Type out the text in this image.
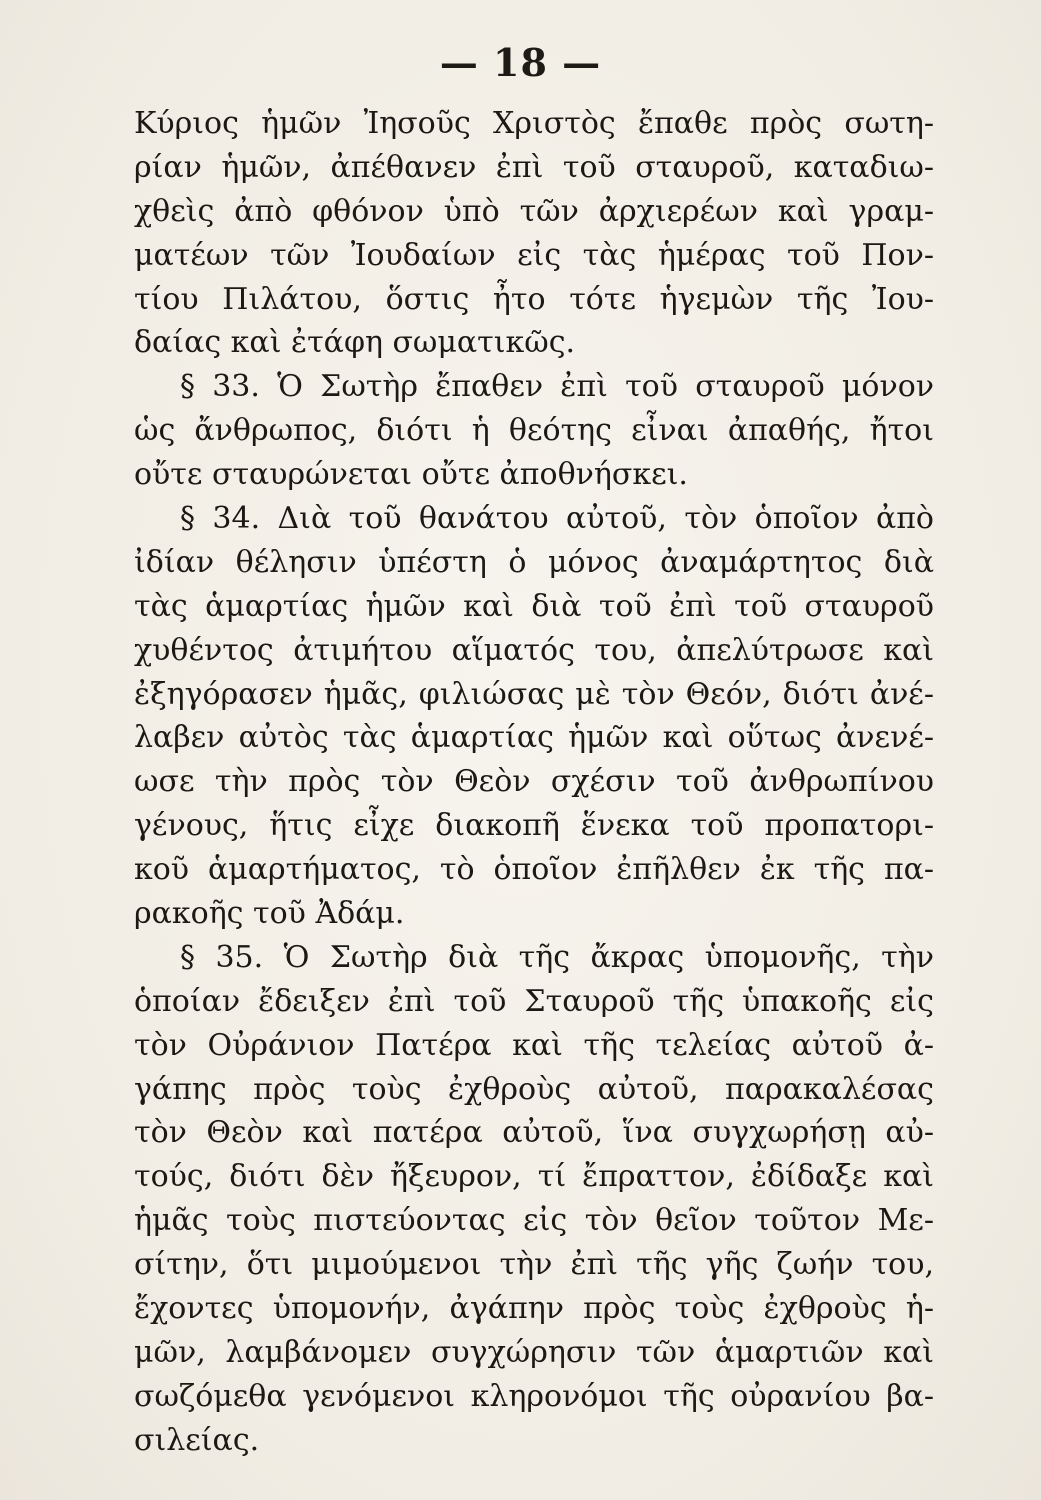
— 18 —
Κύριος ἡμῶν Ἰησοῦς Χριστὸς ἔπαθε πρὸς σωτη-
ρίαν ἡμῶν, ἀπέθανεν ἐπὶ τοῦ σταυροῦ, καταδιω-
χθεὶς ἀπὸ φθόνον ὑπὸ τῶν ἀρχιερέων καὶ γραμ-
ματέων τῶν Ἰουδαίων εἰς τὰς ἡμέρας τοῦ Πον-
τίου Πιλάτου, ὅστις ἦτο τότε ἡγεμὼν τῆς Ἰου-
δαίας καὶ ἐτάφη σωματικῶς.
§ 33. Ὁ Σωτὴρ ἔπαθεν ἐπὶ τοῦ σταυροῦ μόνον
ὡς ἄνθρωπος, διότι ἡ θεότης εἶναι ἀπαθής, ἤτοι
οὔτε σταυρώνεται οὔτε ἀποθνήσκει.
§ 34. Διὰ τοῦ θανάτου αὐτοῦ, τὸν ὁποῖον ἀπὸ
ἰδίαν θέλησιν ὑπέστη ὁ μόνος ἀναμάρτητος διὰ
τὰς ἁμαρτίας ἡμῶν καὶ διὰ τοῦ ἐπὶ τοῦ σταυροῦ
χυθέντος ἀτιμήτου αἵματός του, ἀπελύτρωσε καὶ
ἐξηγόρασεν ἡμᾶς, φιλιώσας μὲ τὸν Θεόν, διότι ἀνέ-
λαβεν αὐτὸς τὰς ἁμαρτίας ἡμῶν καὶ οὕτως ἀνενέ-
ωσε τὴν πρὸς τὸν Θεὸν σχέσιν τοῦ ἀνθρωπίνου
γένους, ἥτις εἶχε διακοπῆ ἕνεκα τοῦ προπατορι-
κοῦ ἁμαρτήματος, τὸ ὁποῖον ἐπῆλθεν ἐκ τῆς πα-
ρακοῆς τοῦ Ἀδάμ.
§ 35. Ὁ Σωτὴρ διὰ τῆς ἄκρας ὑπομονῆς, τὴν
ὁποίαν ἔδειξεν ἐπὶ τοῦ Σταυροῦ τῆς ὑπακοῆς εἰς
τὸν Οὐράνιον Πατέρα καὶ τῆς τελείας αὐτοῦ ἀ-
γάπης πρὸς τοὺς ἐχθροὺς αὐτοῦ, παρακαλέσας
τὸν Θεὸν καὶ πατέρα αὐτοῦ, ἵνα συγχωρήσῃ αὐ-
τούς, διότι δὲν ἤξευρον, τί ἔπραττον, ἐδίδαξε καὶ
ἡμᾶς τοὺς πιστεύοντας εἰς τὸν θεῖον τοῦτον Με-
σίτην, ὅτι μιμούμενοι τὴν ἐπὶ τῆς γῆς ζωήν του,
ἔχοντες ὑπομονήν, ἀγάπην πρὸς τοὺς ἐχθροὺς ἡ-
μῶν, λαμβάνομεν συγχώρησιν τῶν ἁμαρτιῶν καὶ
σωζόμεθα γενόμενοι κληρονόμοι τῆς οὐρανίου βα-
σιλείας.
